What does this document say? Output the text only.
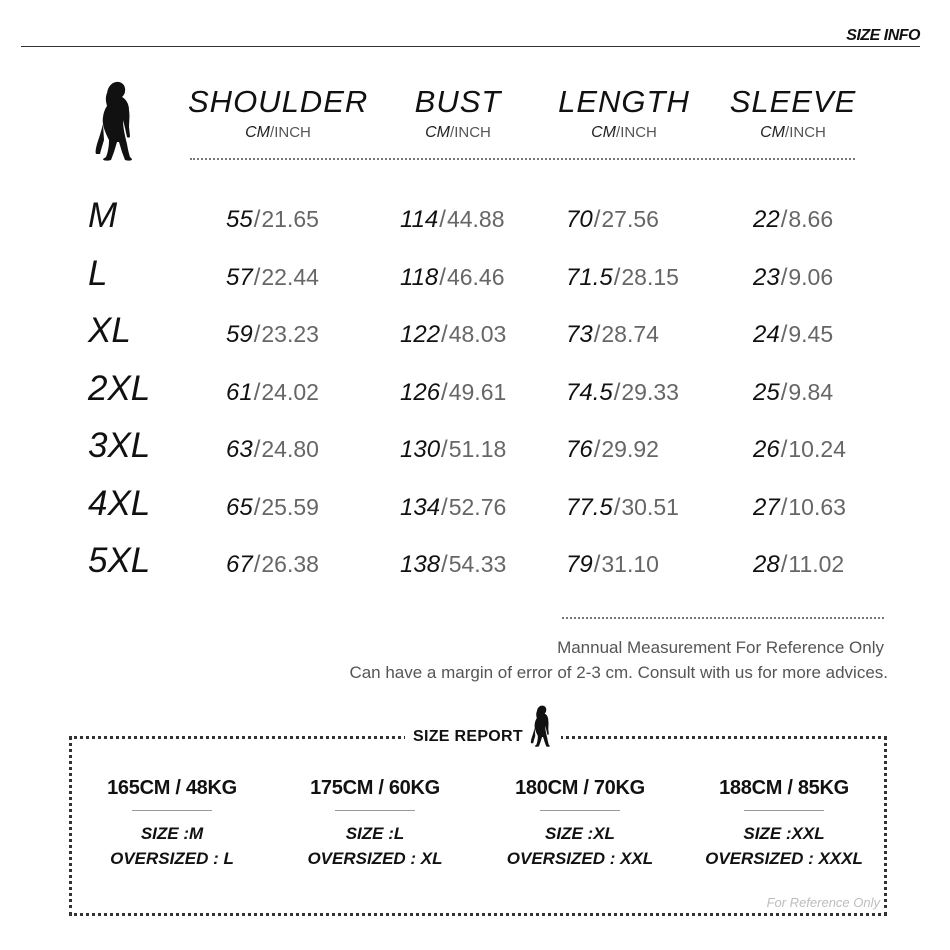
SIZE INFO
SHOULDER
CM/INCH
BUST
CM/INCH
LENGTH
CM/INCH
SLEEVE
CM/INCH
M	55/21.65	114/44.88	70/27.56	22/8.66
L	57/22.44	118/46.46	71.5/28.15	23/9.06
XL	59/23.23	122/48.03 73/28.74	24/9.45
2XL	61/24.02	126/49.61 74.5/29.33	25/9.84
3XL	63/24.80	130/51.18 76/29.92	26/10.24
4XL	65/25.59	134/52.76 77.5/30.51	27/10.63
5XL	67/26.38	138/54.33 79/31.10	28/11.02
Mannual Measurement For Reference Only
Can have a margin of error of 2-3 cm. Consult with us for more advices.
SIZE REPORT
165CM / 48KG
SIZE :M
OVERSIZED : L
175CM / 60KG
SIZE :L
OVERSIZED : XL
180CM / 70KG
SIZE :XL
OVERSIZED : XXL
188CM / 85KG
SIZE :XXL
OVERSIZED : XXXL
For Reference Only
